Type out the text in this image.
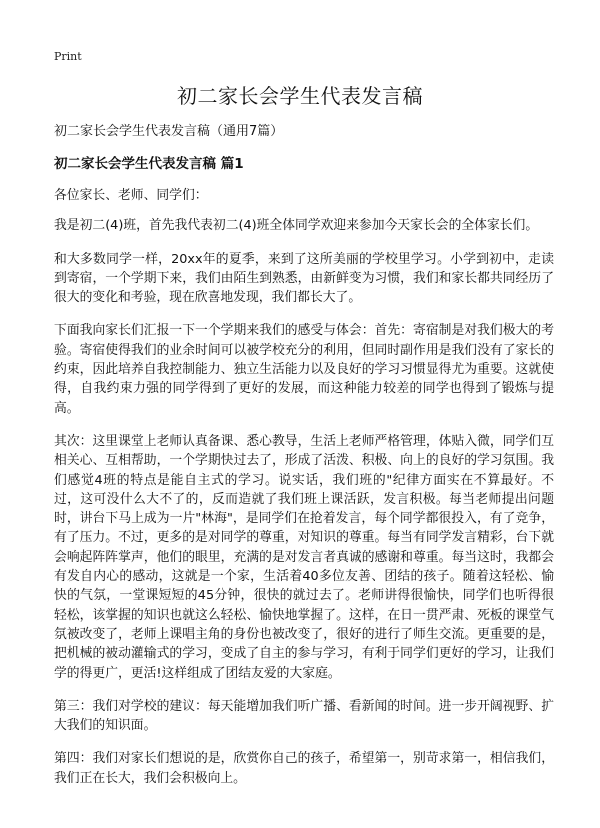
Print
初二家长会学生代表发言稿

初二家长会学生代表发言稿（通用7篇）

初二家长会学生代表发言稿 篇1

各位家长、老师、同学们：

我是初二(4)班，首先我代表初二(4)班全体同学欢迎来参加今天家长会的全体家长们。

和大多数同学一样，20xx年的夏季，来到了这所美丽的学校里学习。小学到初中，走读到寄宿，一个学期下来，我们由陌生到熟悉，由新鲜变为习惯，我们和家长都共同经历了很大的变化和考验，现在欣喜地发现，我们都长大了。

下面我向家长们汇报一下一个学期来我们的感受与体会：首先：寄宿制是对我们极大的考验。寄宿使得我们的业余时间可以被学校充分的利用，但同时副作用是我们没有了家长的约束，因此培养自我控制能力、独立生活能力以及良好的学习习惯显得尤为重要。这就使得，自我约束力强的同学得到了更好的发展，而这种能力较差的同学也得到了锻炼与提高。

其次：这里课堂上老师认真备课、悉心教导，生活上老师严格管理，体贴入微，同学们互相关心、互相帮助，一个学期快过去了，形成了活泼、积极、向上的良好的学习氛围。我们感觉4班的特点是能自主式的学习。说实话，我们班的"纪律方面实在不算最好。不过，这可没什么大不了的，反而造就了我们班上课活跃，发言积极。每当老师提出问题时，讲台下马上成为一片"林海"，是同学们在抢着发言，每个同学都很投入，有了竞争，有了压力。不过，更多的是对同学的尊重，对知识的尊重。每当有同学发言精彩，台下就会响起阵阵掌声，他们的眼里，充满的是对发言者真诚的感谢和尊重。每当这时，我都会有发自内心的感动，这就是一个家，生活着40多位友善、团结的孩子。随着这轻松、愉快的气氛，一堂课短短的45分钟，很快的就过去了。老师讲得很愉快，同学们也听得很轻松，该掌握的知识也就这么轻松、愉快地掌握了。这样，在日一贯严肃、死板的课堂气氛被改变了，老师上课唱主角的身份也被改变了，很好的进行了师生交流。更重要的是，把机械的被动灌输式的学习，变成了自主的参与学习，有利于同学们更好的学习，让我们学的得更广，更活!这样组成了团结友爱的大家庭。

第三：我们对学校的建议：每天能增加我们听广播、看新闻的时间。进一步开阔视野、扩大我们的知识面。

第四：我们对家长们想说的是，欣赏你自己的孩子，希望第一，别苛求第一，相信我们，我们正在长大，我们会积极向上。
